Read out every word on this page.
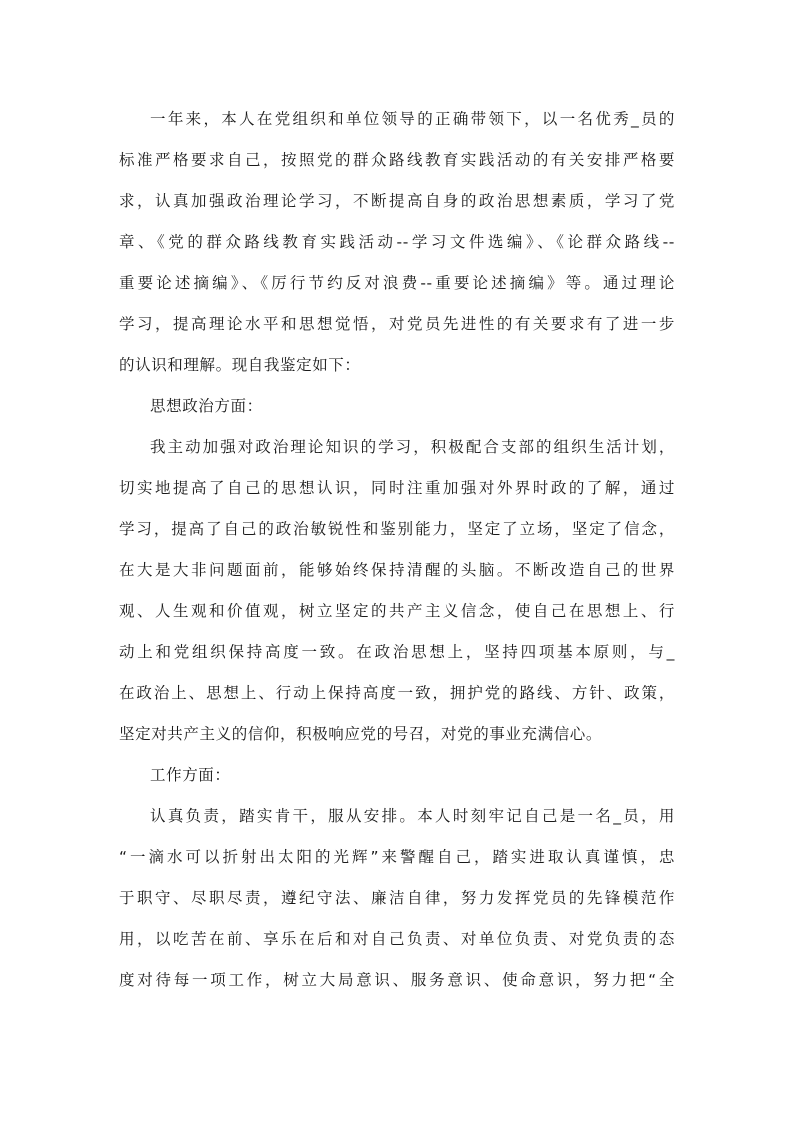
一年来，本人在党组织和单位领导的正确带领下，以一名优秀_员的
标准严格要求自己，按照党的群众路线教育实践活动的有关安排严格要
求，认真加强政治理论学习，不断提高自身的政治思想素质，学习了党
章、《党的群众路线教育实践活动--学习文件选编》、《论群众路线--
重要论述摘编》、《厉行节约反对浪费--重要论述摘编》等。通过理论
学习，提高理论水平和思想觉悟，对党员先进性的有关要求有了进一步
的认识和理解。现自我鉴定如下：
思想政治方面：
我主动加强对政治理论知识的学习，积极配合支部的组织生活计划，
切实地提高了自己的思想认识，同时注重加强对外界时政的了解，通过
学习，提高了自己的政治敏锐性和鉴别能力，坚定了立场，坚定了信念，
在大是大非问题面前，能够始终保持清醒的头脑。不断改造自己的世界
观、人生观和价值观，树立坚定的共产主义信念，使自己在思想上、行
动上和党组织保持高度一致。在政治思想上，坚持四项基本原则，与_
在政治上、思想上、行动上保持高度一致，拥护党的路线、方针、政策，
坚定对共产主义的信仰，积极响应党的号召，对党的事业充满信心。
工作方面：
认真负责，踏实肯干，服从安排。本人时刻牢记自己是一名_员，用
“一滴水可以折射出太阳的光辉”来警醒自己，踏实进取认真谨慎，忠
于职守、尽职尽责，遵纪守法、廉洁自律，努力发挥党员的先锋模范作
用，以吃苦在前、享乐在后和对自己负责、对单位负责、对党负责的态
度对待每一项工作，树立大局意识、服务意识、使命意识，努力把“全
